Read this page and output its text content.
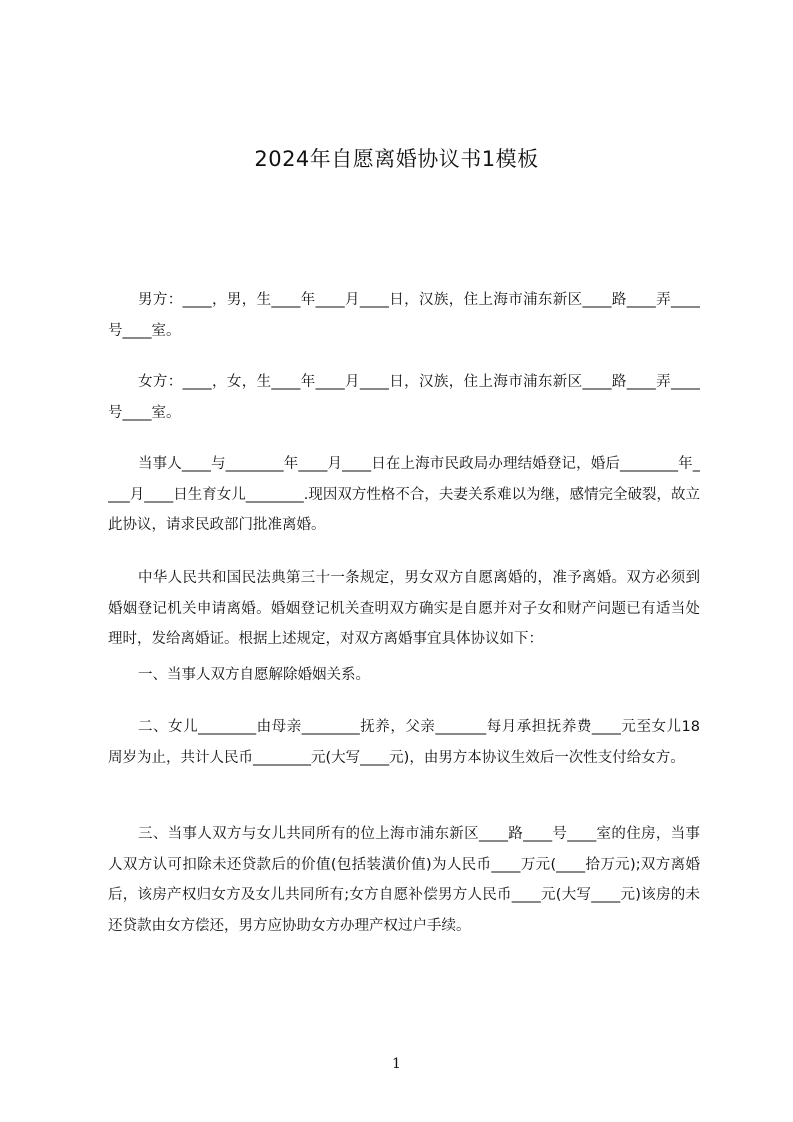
2024年自愿离婚协议书1模板

男方：____，男，生____年____月____日，汉族，住上海市浦东新区____路____弄____号____室。

女方：____，女，生____年____月____日，汉族，住上海市浦东新区____路____弄____号____室。

当事人____与________年____月____日在上海市民政局办理结婚登记，婚后________年____月____日生育女儿________.现因双方性格不合，夫妻关系难以为继，感情完全破裂，故立此协议，请求民政部门批准离婚。

中华人民共和国民法典第三十一条规定，男女双方自愿离婚的，准予离婚。双方必须到婚姻登记机关申请离婚。婚姻登记机关查明双方确实是自愿并对子女和财产问题已有适当处理时，发给离婚证。根据上述规定，对双方离婚事宜具体协议如下：

一、当事人双方自愿解除婚姻关系。

二、女儿________由母亲________抚养，父亲_______每月承担抚养费____元至女儿18周岁为止，共计人民币________元(大写____元)，由男方本协议生效后一次性支付给女方。

三、当事人双方与女儿共同所有的位上海市浦东新区____路____号____室的住房，当事人双方认可扣除未还贷款后的价值(包括装潢价值)为人民币____万元(____拾万元);双方离婚后，该房产权归女方及女儿共同所有;女方自愿补偿男方人民币____元(大写____元)该房的未还贷款由女方偿还，男方应协助女方办理产权过户手续。

1
